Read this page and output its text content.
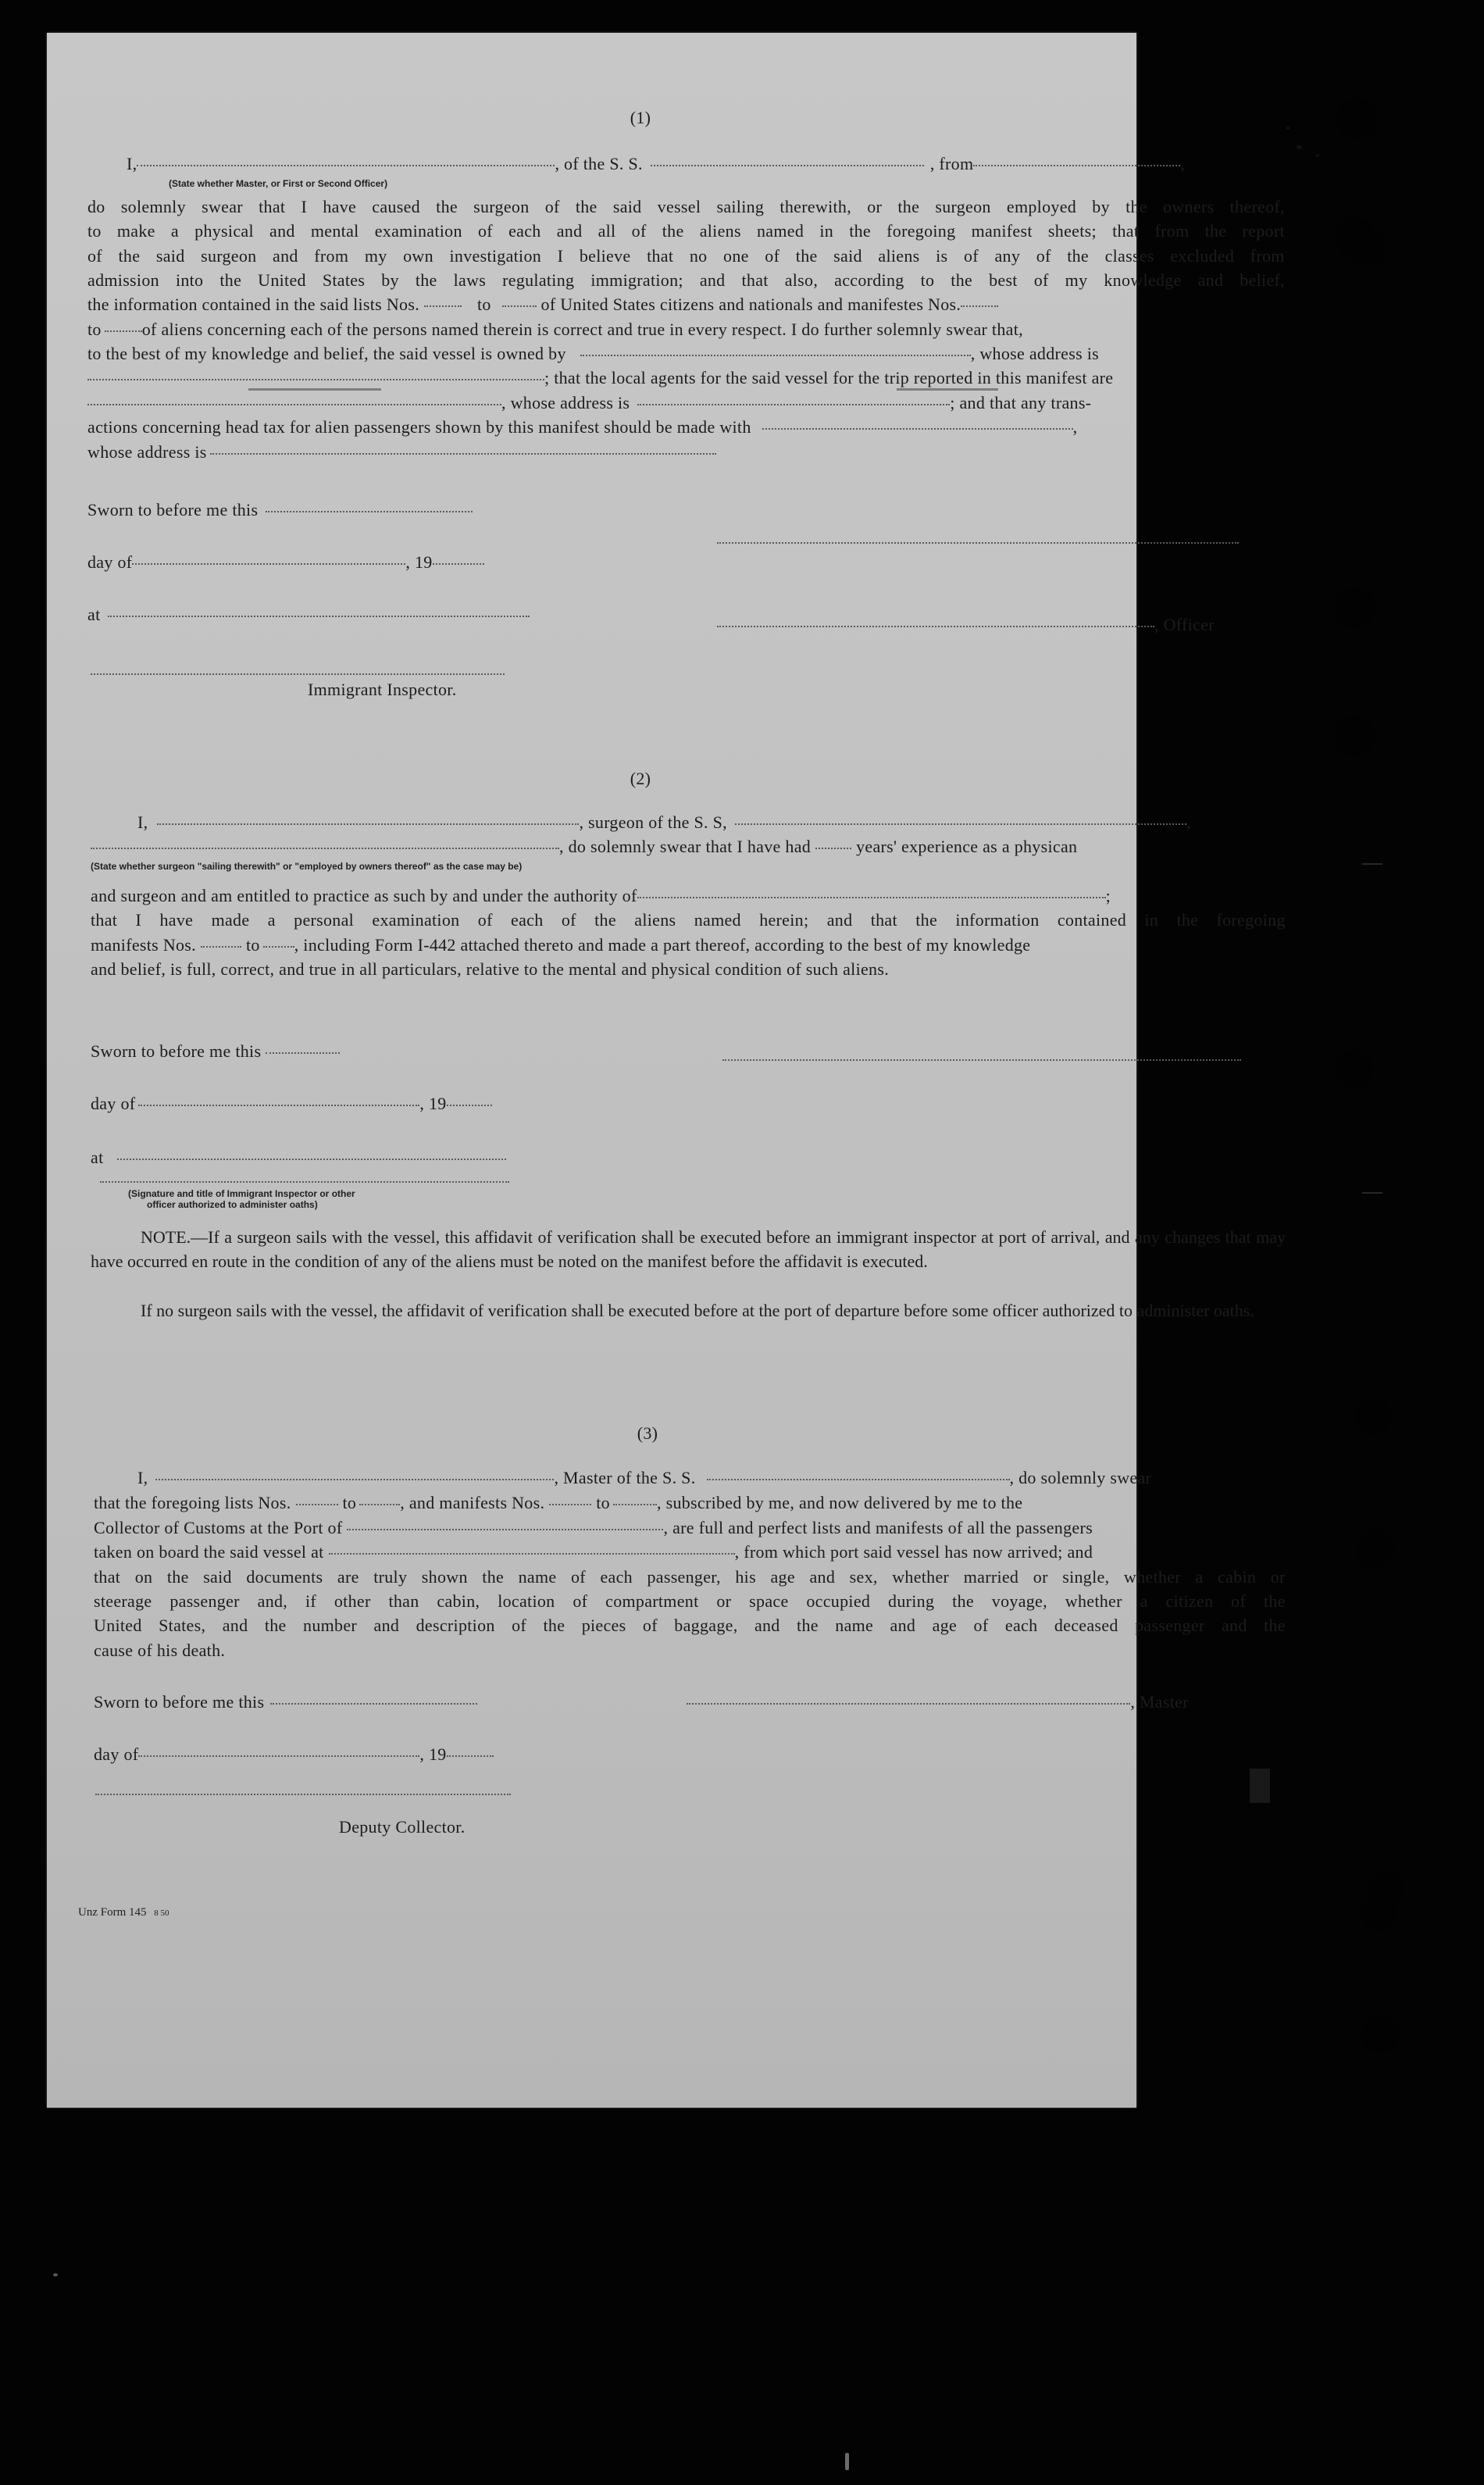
(1)
I,	, of the S. S.	, from	,
(State whether Master, or First or Second Officer)
do solemnly swear that I have caused the surgeon of the said vessel sailing therewith, or the surgeon employed by the owners thereof,
to make a physical and mental examination of each and all of the aliens named in the foregoing manifest sheets; that from the report
of the said surgeon and from my own investigation I believe that no one of the said aliens is of any of the classes excluded from
admission into the United States by the laws regulating immigration; and that also, according to the best of my knowledge and belief,
the information contained in the said lists Nos.	to	of United States citizens and nationals and manifestes Nos.
to of aliens concerning each of the persons named therein is correct and true in every respect. I do further solemnly swear that,
to the best of my knowledge and belief, the said vessel is owned by	, whose address is
; that the local agents for the said vessel for the trip reported in this manifest are
, whose address is	; and that any trans-
actions concerning head tax for alien passengers shown by this manifest should be made with	,
whose address is
Sworn to before me this
day of	, 19
at
, Officer
Immigrant Inspector.
(2)
I,	, surgeon of the S. S,	,
, do solemnly swear that I have had	years' experience as a physican
(State whether surgeon "sailing therewith" or "employed by owners thereof" as the case may be)
and surgeon and am entitled to practice as such by and under the authority of	;
that I have made a personal examination of each of the aliens named herein; and that the information contained in the foregoing
manifests Nos.	to , including Form I-442 attached thereto and made a part thereof, according to the best of my knowledge
and belief, is full, correct, and true in all particulars, relative to the mental and physical condition of such aliens.
Sworn to before me this
day of	, 19
at
(Signature and title of Immigrant Inspector or other
officer authorized to administer oaths)
NOTE.—If a surgeon sails with the vessel, this affidavit of verification shall be executed before an immigrant inspector at port of arrival, and any changes that may have occurred en route in the condition of any of the aliens must be noted on the manifest before the affidavit is executed.
If no surgeon sails with the vessel, the affidavit of verification shall be executed before at the port of departure before some officer authorized to administer oaths.
(3)
I,	, Master of the S. S.	, do solemnly swear
that the foregoing lists Nos.	to	, and manifests Nos.	to	, subscribed by me, and now delivered by me to the
Collector of Customs at the Port of	, are full and perfect lists and manifests of all the passengers
taken on board the said vessel at	, from which port said vessel has now arrived; and
that on the said documents are truly shown the name of each passenger, his age and sex, whether married or single, whether a cabin or
steerage passenger and, if other than cabin, location of compartment or space occupied during the voyage, whether a citizen of the
United States, and the number and description of the pieces of baggage, and the name and age of each deceased passenger and the
cause of his death.
Sworn to before me this	, Master
day of	, 19
Deputy Collector.
Unz Form 145 8 50
